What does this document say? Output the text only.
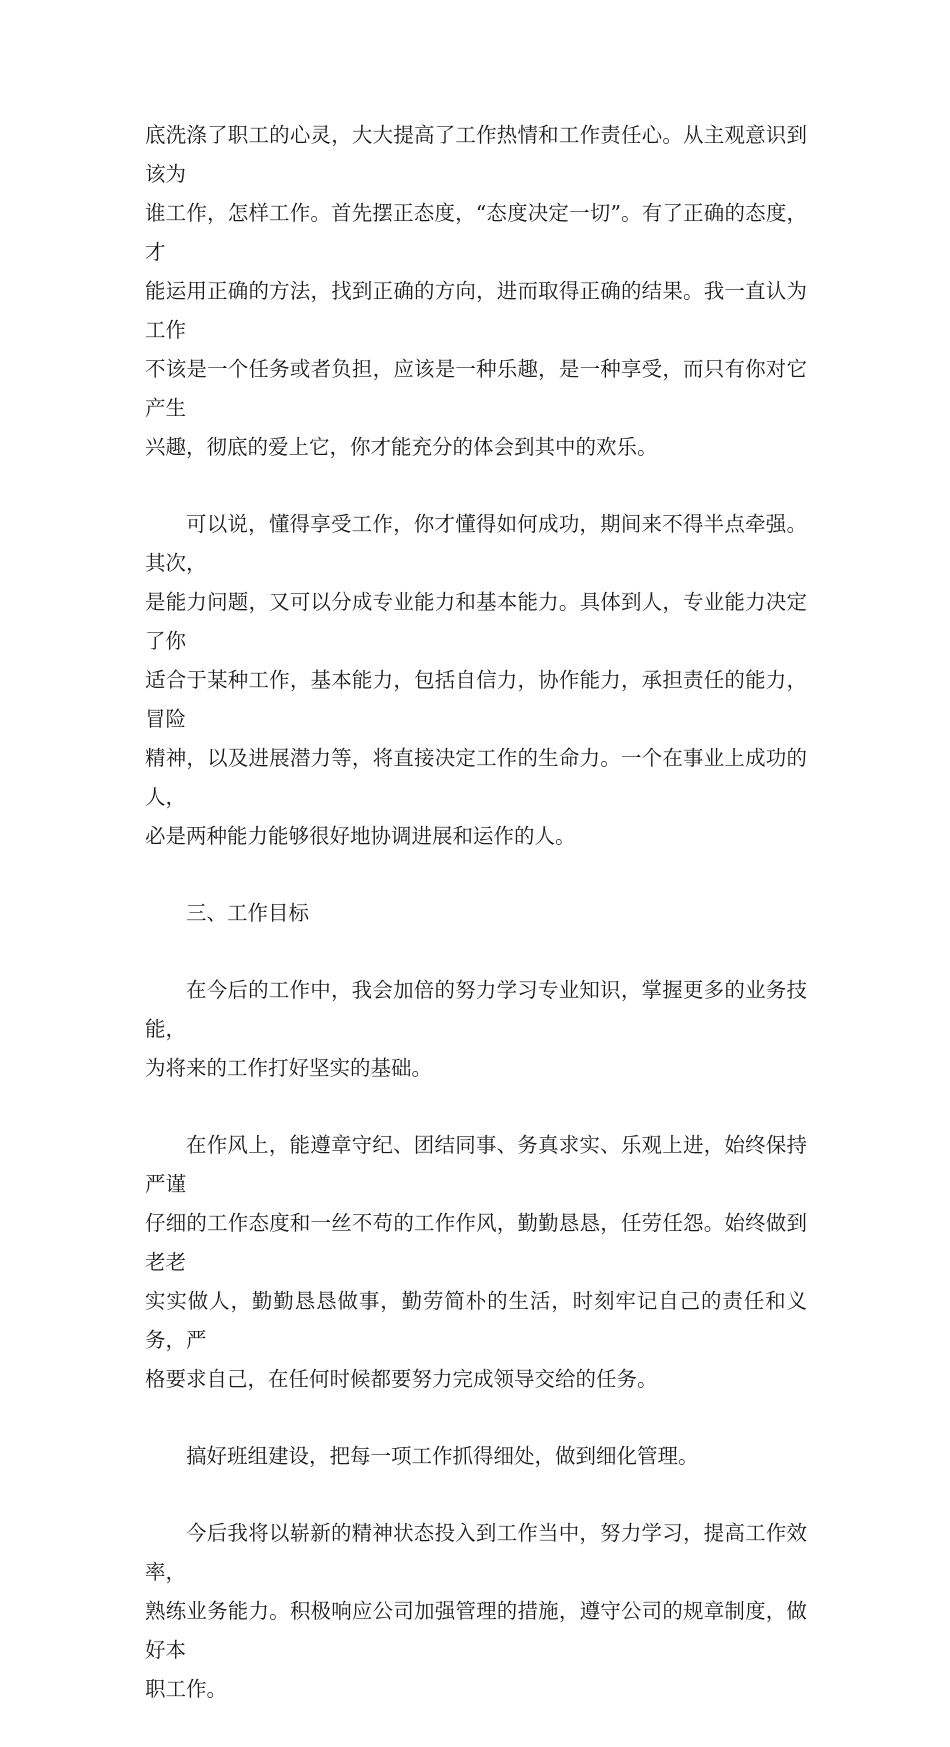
底洗涤了职工的心灵，大大提高了工作热情和工作责任心。从主观意识到该为
谁工作，怎样工作。首先摆正态度，“态度决定一切”。有了正确的态度，才
能运用正确的方法，找到正确的方向，进而取得正确的结果。我一直认为工作
不该是一个任务或者负担，应该是一种乐趣，是一种享受，而只有你对它产生
兴趣，彻底的爱上它，你才能充分的体会到其中的欢乐。
可以说，懂得享受工作，你才懂得如何成功，期间来不得半点牵强。其次，
是能力问题，又可以分成专业能力和基本能力。具体到人，专业能力决定了你
适合于某种工作，基本能力，包括自信力，协作能力，承担责任的能力，冒险
精神，以及进展潜力等，将直接决定工作的生命力。一个在事业上成功的人，
必是两种能力能够很好地协调进展和运作的人。
三、工作目标
在今后的工作中，我会加倍的努力学习专业知识，掌握更多的业务技能，
为将来的工作打好坚实的基础。
在作风上，能遵章守纪、团结同事、务真求实、乐观上进，始终保持严谨
仔细的工作态度和一丝不苟的工作作风，勤勤恳恳，任劳任怨。始终做到老老
实实做人，勤勤恳恳做事，勤劳简朴的生活，时刻牢记自己的责任和义务，严
格要求自己，在任何时候都要努力完成领导交给的任务。
搞好班组建设，把每一项工作抓得细处，做到细化管理。
今后我将以崭新的精神状态投入到工作当中，努力学习，提高工作效率，
熟练业务能力。积极响应公司加强管理的措施，遵守公司的规章制度，做好本
职工作。
